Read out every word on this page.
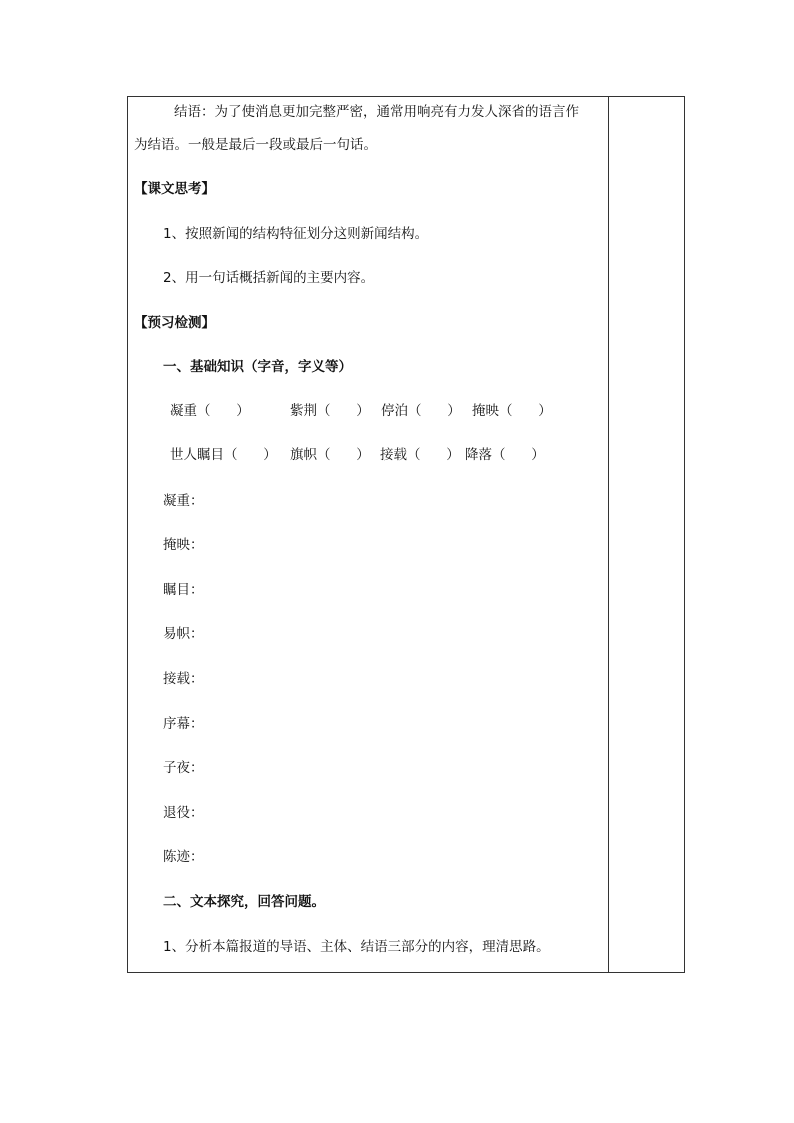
结语：为了使消息更加完整严密，通常用响亮有力发人深省的语言作
为结语。一般是最后一段或最后一句话。
【课文思考】
1、按照新闻的结构特征划分这则新闻结构。
2、用一句话概括新闻的主要内容。
【预习检测】
一、基础知识（字音，字义等）
凝重（      ）	紫荆（      ） 停泊（      ） 掩映（      ）
世人瞩目（      ） 旗帜（      ） 接载（      ） 降落（      ）
凝重：
掩映：
瞩目：
易帜：
接载：
序幕：
子夜：
退役：
陈迹：
二、文本探究，回答问题。
1、分析本篇报道的导语、主体、结语三部分的内容，理清思路。
